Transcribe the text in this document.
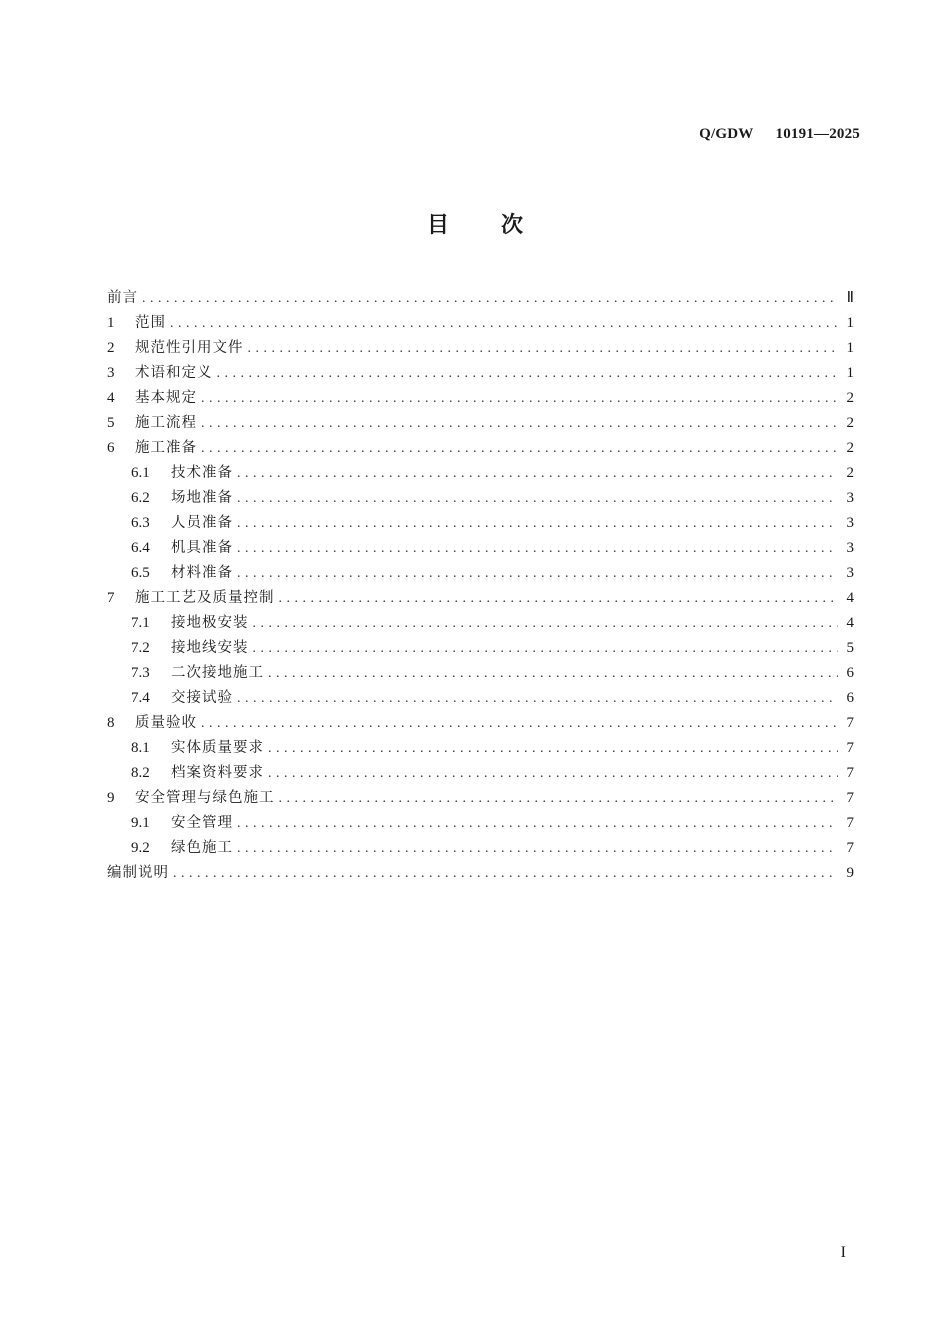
Q/GDW 10191—2025
目 次
前言 . . .	Ⅱ
1	范围 . . .	1
2	规范性引用文件 . . .	1
3	术语和定义 . . .	1
4	基本规定 . . .	2
5	施工流程 . . .	2
6	施工准备 . . .	2
6.1	技术准备 . . .	2
6.2	场地准备 . . .	3
6.3	人员准备 . . .	3
6.4	机具准备 . . .	3
6.5	材料准备 . . .	3
7	施工工艺及质量控制 . . .	4
7.1	接地极安装 . . .	4
7.2	接地线安装 . . .	5
7.3	二次接地施工 . . .	6
7.4	交接试验 . . .	6
8	质量验收 . . .	7
8.1	实体质量要求 . . .	7
8.2	档案资料要求 . . .	7
9	安全管理与绿色施工 . . .	7
9.1	安全管理 . . .	7
9.2	绿色施工 . . .	7
编制说明 . . .	9
I
